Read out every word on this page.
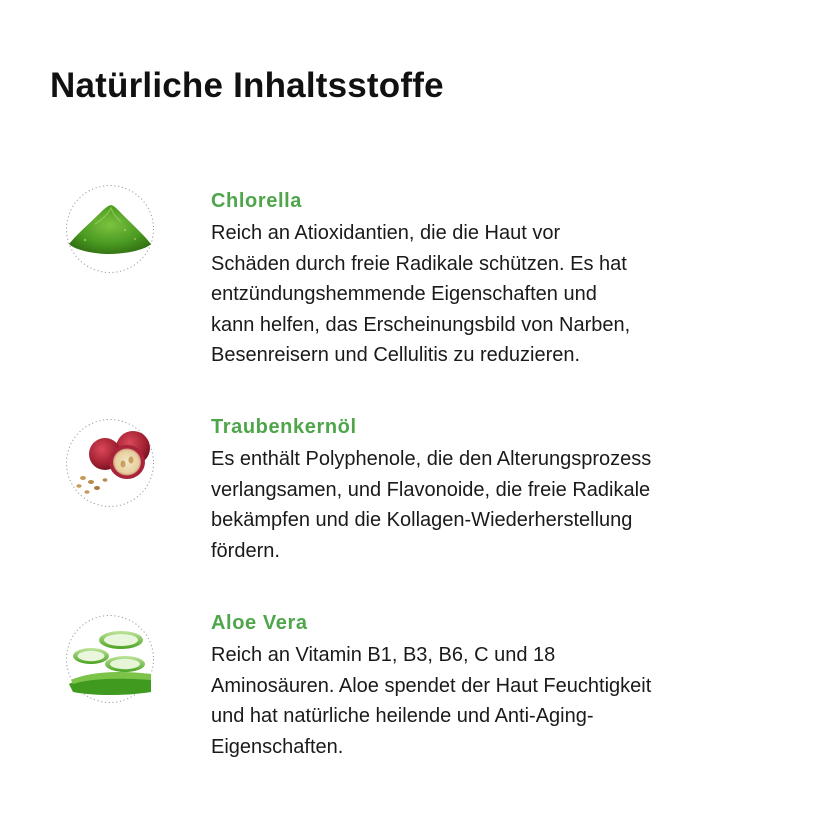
Natürliche Inhaltsstoffe

Chlorella

Reich an Atioxidantien, die die Haut vor
Schäden durch freie Radikale schützen. Es hat
entzündungshemmende Eigenschaften und
kann helfen, das Erscheinungsbild von Narben,
Besenreisern und Cellulitis zu reduzieren.

Traubenkernöl

Es enthält Polyphenole, die den Alterungsprozess
verlangsamen, und Flavonoide, die freie Radikale
bekämpfen und die Kollagen-Wiederherstellung
fördern.

Aloe Vera

Reich an Vitamin B1, B3, B6, C und 18
Aminosäuren. Aloe spendet der Haut Feuchtigkeit
und hat natürliche heilende und Anti-Aging-
Eigenschaften.
